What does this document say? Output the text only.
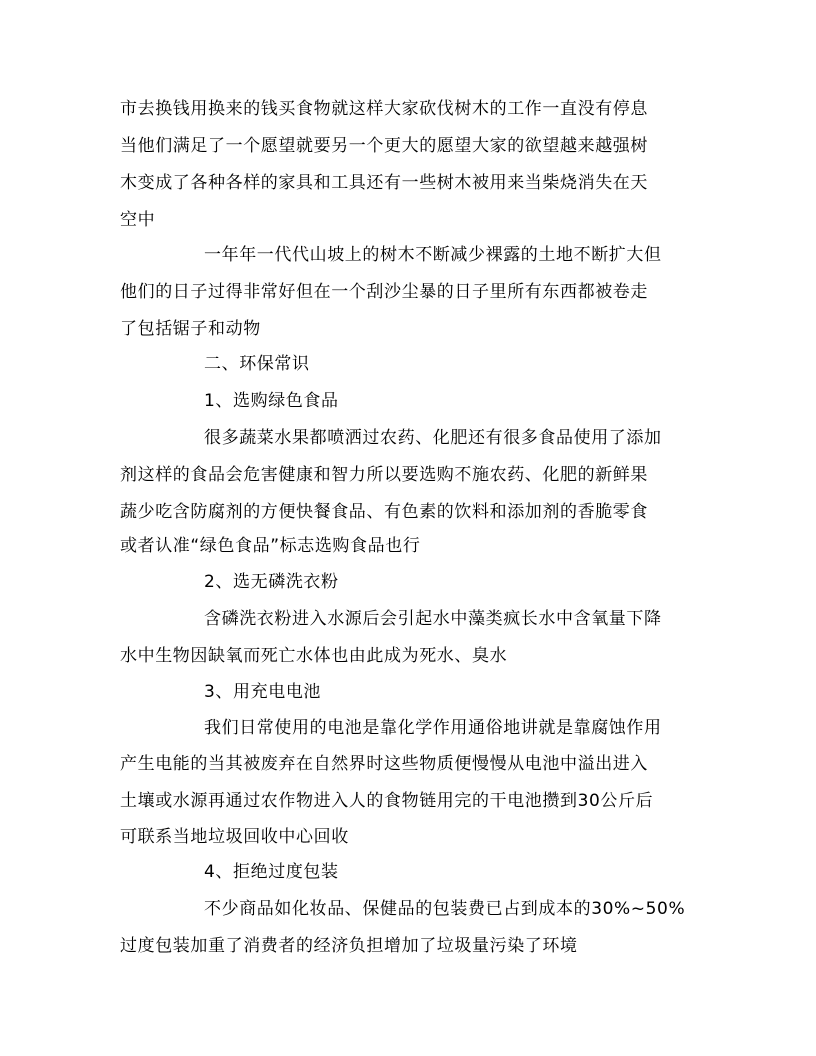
市去换钱用换来的钱买食物就这样大家砍伐树木的工作一直没有停息
当他们满足了一个愿望就要另一个更大的愿望大家的欲望越来越强树
木变成了各种各样的家具和工具还有一些树木被用来当柴烧消失在天
空中
一年年一代代山坡上的树木不断减少裸露的土地不断扩大但
他们的日子过得非常好但在一个刮沙尘暴的日子里所有东西都被卷走
了包括锯子和动物
二、环保常识
1、选购绿色食品
很多蔬菜水果都喷洒过农药、化肥还有很多食品使用了添加
剂这样的食品会危害健康和智力所以要选购不施农药、化肥的新鲜果
蔬少吃含防腐剂的方便快餐食品、有色素的饮料和添加剂的香脆零食
或者认准“绿色食品”标志选购食品也行
2、选无磷洗衣粉
含磷洗衣粉进入水源后会引起水中藻类疯长水中含氧量下降
水中生物因缺氧而死亡水体也由此成为死水、臭水
3、用充电电池
我们日常使用的电池是靠化学作用通俗地讲就是靠腐蚀作用
产生电能的当其被废弃在自然界时这些物质便慢慢从电池中溢出进入
土壤或水源再通过农作物进入人的食物链用完的干电池攒到30公斤后
可联系当地垃圾回收中心回收
4、拒绝过度包装
不少商品如化妆品、保健品的包装费已占到成本的30%~50%
过度包装加重了消费者的经济负担增加了垃圾量污染了环境
